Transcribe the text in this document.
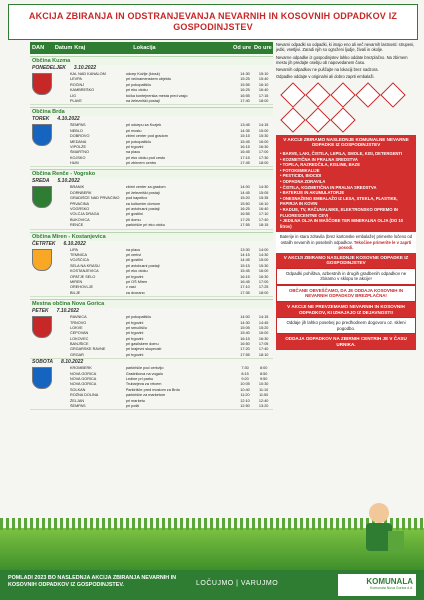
AKCIJA ZBIRANJA IN ODSTRANJEVANJA NEVARNIH IN KOSOVNIH ODPADKOV IZ GOSPODINJSTEV
DAN	Datum Kraj	Lokacija	Od ure Do ure
Občina Kuzma
PONEDELJEK 3.10.2022
KAL NAD KANALOM	odcep Kožlje (kiosk)	14:30	15:10
LEVPA	pri večnamenskem objektu	15:25	15:40
ROČINJ	pri pokopališču	15:55	16:10
KAMBREŠKO	pri eko otoku	16:25	16:40
LIG	točka kontejnerska mesta pred vasjo	16:55	17:15
PLAVE	na železniški postaji	17:40	18:00
Občina Brda
TOREK 4.10.2022
ŠEMPAS	pri odcepu za Kozjek	13:45	14:15
NEBLO	pri mostu	14:35	15:00
DOBROVO	zbirni center pod gradom	15:15	15:30
MEDANA	pri pokopališču	15:45	16:00
VIPOLŽE	pri trgovini	16:15	16:30
ŠMARTNO	na placu	16:45	17:00
KOJSKO	pri eko otoku pod cesto	17:15	17:30
HUM	pri zbirnem centru	17:45	18:00
Občina Renče - Vogrsko
SREDA 5.10.2022
BRANIK	zbirni center za gradom	14:00	14:30
DORNBERK	pri železniški postaji	14:45	15:05
GRADIŠČE NAD PRVAČINO	pod kapelico	15:20	15:35
PRVAČINA	za kulturnim domom	15:50	16:10
VOGRSKO	pri avtobusni postaji	16:25	16:40
VOLČJA DRAGA	pri gostilni	16:55	17:10
BUKOVICA	pri domu	17:25	17:40
RENČE	parkirišče pri eko otoku	17:55	18:15
Občina Miren - Kostanjevica
ČETRTEK 6.10.2022
LIPA	na placu	13:30	14:00
TEMNICA	pri cerkvi	14:15	14:30
VOJŠČICA	pri gostilni	14:45	15:00
SELA NA KRASU	pri avtobusni postaji	15:15	15:30
KOSTANJEVICA	pri eko otoku	15:45	16:00
OPATJE SELO	pri trgovini	16:15	16:30
MIREN	pri OŠ Miren	16:45	17:00
OREHOVLJE	v vasi	17:10	17:25
BILJE	za dvorano	17:35	18:00
Mestna občina Nova Gorica
PETEK 7.10.2022
RAVNICA	pri pokopališču	14:00	14:15
TRNOVO	pri trgovini	14:30	14:45
LOKVE	pri smučišču	15:05	15:20
ČEPOVAN	pri trgovini	15:40	16:00
LOKOVEC	pri trgovini	16:15	16:30
BANJŠICE	pri gasilskem domu	16:50	17:05
GRGARSKE RAVNE	pri krajevni skupnosti	17:20	17:40
GRGAR	pri trgovini	17:55	18:10
SOBOTA 8.10.2022
KROMBERK	parkirišče pod cerkvijo	7:30	8:00
NOVA GORICA	Gradnikova na vogalu	8:15	8:50
NOVA GORICA	Ledine pri parku	9:20	9:50
NOVA GORICA	Trubarjeva za vrtcem	10:05	10:30
SOLKAN	Parkirišče pred mostom za Brdo	10:40	11:10
ROŽNA DOLINA	parkirišče za marketom	11:20	11:50
ŽELJAN	pri marketu	12:10	12:40
ŠEMPAS	pri pošti	12:50	13:20

Nevarni odpadki so odpadki, ki imajo eno ali več nevarnih lastnosti: strupeni, jedki, vnetljivi. Zaradi njih so ogroženi ljudje, živali in okolje.

Nevarne odpadke iz gospodinjstev lahko oddate brezplačno. Na zbirnem mestu jih predajte osebju ob napovedanem času.

Nevarnih odpadkov ne puščajte na lokaciji brez nadzora.

Odpadke oddajte v originalni ali dobro zaprti embalaži.

V AKCIJI ZBIRAMO NASLEDNJE KOMUNALNE NEVARNE ODPADKE IZ GOSPODINJSTEV
• BARVE, LAKI, ČISTILA, LEPILA, SMOLE, KISI, DETERGENTI
• KOZMETIČNA IN PRALNA SREDSTVA
• TOPILA, RAZREDČILA, KISLINE, BAZE
• FOTOKEMIKALIJE
• PESTICIDI, BIOCIDI
• ODPADNA ZDRAVILA
• ČISTILA, KOZMETIČNA IN PRALNA SREDSTVA
• BATERIJE IN AKUMULATORJE
• ONESNAŽENO EMBALAŽO IZ LESA, STEKLA, PLASTIKE, PAPIRJA IN KOVIN
• RADIJE, TV, RAČUNALNIKE, ELEKTRONSKO OPREMO IN FLUORESCENTNE CEVI
• JEDILNA OLJA IN MAŠČOBE TER MINERALNA OLJA (DO 10 litrov)
Baterije in stara zdravila (brez kartonske embalaže) primerite ločeno od ostalih nevarnih in posebnih odpadkov. Tekočine primerite le v zaprti posodi.
V AKCIJI ZBIRAMO NASLEDNJE KOSOVNE ODPADKE IZ GOSPODINJSTEV
Odpadki pohištva, azbestnih in drugih gradbenih odpadkov ne zbiramo v sklopu te akcije!
OBČANE OBVEŠČAMO, DA JE ODDAJA KOSOVNIH IN NEVARNIH ODPADKOV BREZPLAČNA!
V AKCIJI NE PREVZEMAMO NEVARNIH IN KOSOVNIH ODPADKOV, KI IZHAJAJO IZ DEJAVNOSTI!
Oddaje jih lahko posebej po predhodnem dogovoru oz. skleni pogodbo.
ODDAJA ODPADKOV NA ZBIRNIH CENTRIH JE V ČASU URNIKA.
POMLADI 2023 BO NASLEDNJA AKCIJA ZBIRANJA NEVARNIH IN KOSOVNIH ODPADKOV IZ GOSPODINJSTEV.	LOČUJMO | VARUJMO	KOMUNALA
Komunala Nova Gorica d.d.
